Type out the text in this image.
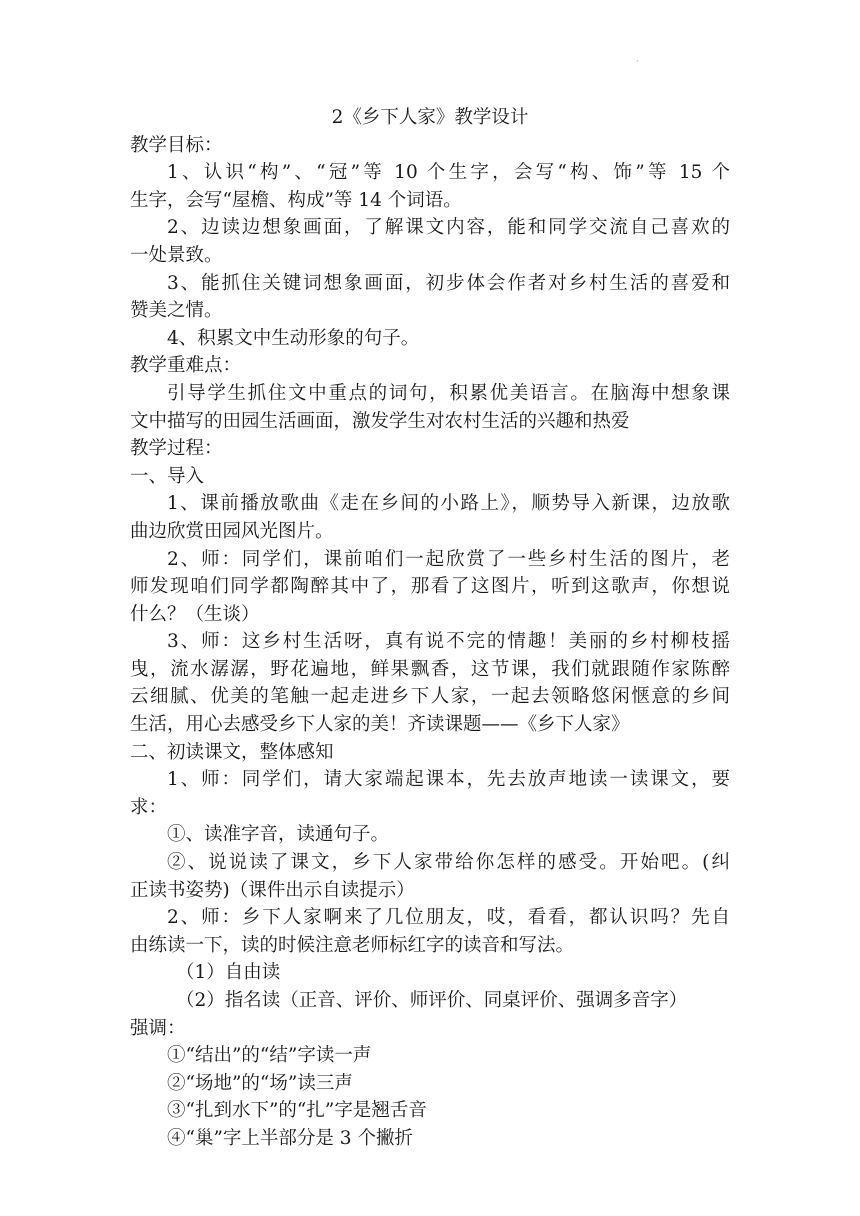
·
2《乡下人家》教学设计
教学目标：
1、认识“构”、“冠”等 10 个生字，会写“构、饰”等 15 个
生字，会写“屋檐、构成”等 14 个词语。
2、边读边想象画面，了解课文内容，能和同学交流自己喜欢的
一处景致。
3、能抓住关键词想象画面，初步体会作者对乡村生活的喜爱和
赞美之情。
4、积累文中生动形象的句子。
教学重难点：
引导学生抓住文中重点的词句，积累优美语言。在脑海中想象课
文中描写的田园生活画面，激发学生对农村生活的兴趣和热爱
教学过程：
一、导入
1、课前播放歌曲《走在乡间的小路上》，顺势导入新课，边放歌
曲边欣赏田园风光图片。
2、师：同学们，课前咱们一起欣赏了一些乡村生活的图片，老
师发现咱们同学都陶醉其中了，那看了这图片，听到这歌声，你想说
什么？（生谈）
3、师：这乡村生活呀，真有说不完的情趣！美丽的乡村柳枝摇
曳，流水潺潺，野花遍地，鲜果飘香，这节课，我们就跟随作家陈醉
云细腻、优美的笔触一起走进乡下人家，一起去领略悠闲惬意的乡间
生活，用心去感受乡下人家的美！齐读课题——《乡下人家》
二、初读课文，整体感知
1、师：同学们，请大家端起课本，先去放声地读一读课文，要
求：
①、读准字音，读通句子。
②、说说读了课文，乡下人家带给你怎样的感受。开始吧。(纠
正读书姿势)（课件出示自读提示）
2、师：乡下人家啊来了几位朋友，哎，看看，都认识吗？先自
由练读一下，读的时候注意老师标红字的读音和写法。
（1）自由读
（2）指名读（正音、评价、师评价、同桌评价、强调多音字）
强调：
①“结出”的“结”字读一声
②“场地”的“场”读三声
③“扎到水下”的“扎”字是翘舌音
④“巢”字上半部分是 3 个撇折
